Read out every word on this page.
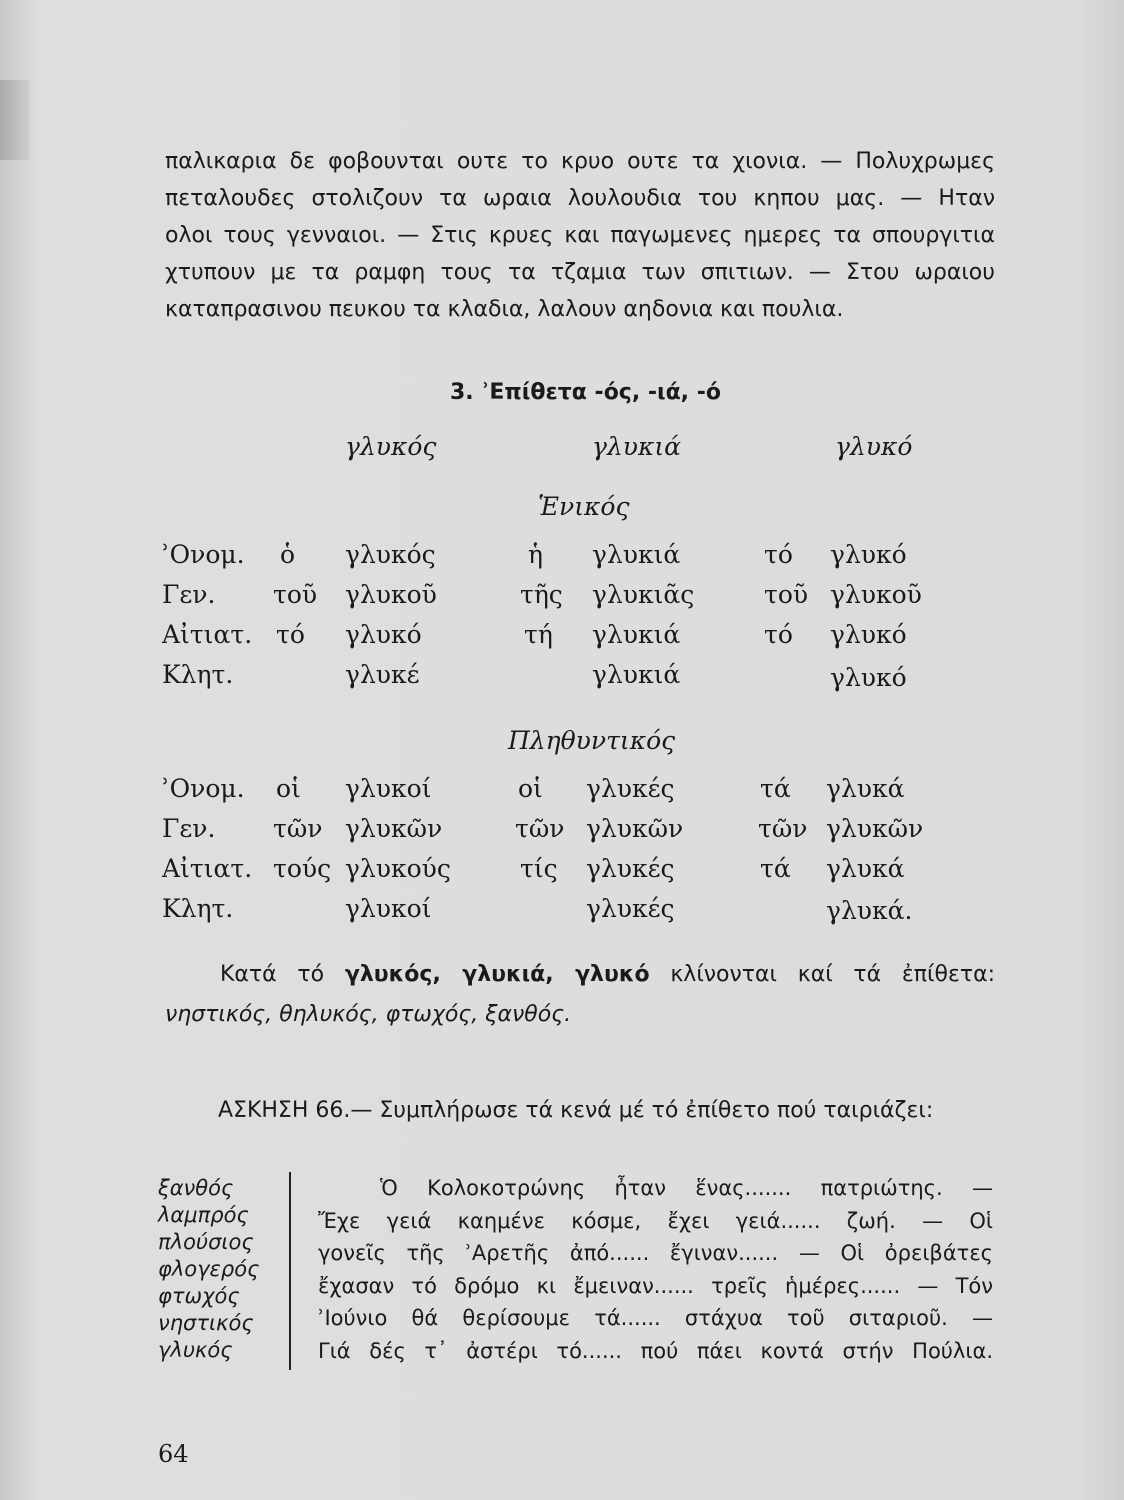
παλικαρια δε φοβουνται ουτε το κρυο ουτε τα χιονια. — Πολυχρωμες

πεταλουδες στολιζουν τα ωραια λουλουδια του κηπου μας. — Ηταν

ολοι τους γενναιοι. — Στις κρυες και παγωμενες ημερες τα σπουργιτια

χτυπουν με τα ραμφη τους τα τζαμια των σπιτιων. — Στου ωραιου

καταπρασινου πευκου τα κλαδια, λαλουν αηδονια και πουλια.

3. ʾΕπίθετα -ός, -ιά, -ό
γλυκός	γλυκιά	γλυκό
Ἑνικός
ʾΟνομ. ὁ γλυκός	ἡ γλυκιά	τό γλυκό
Γεν. τοῦ γλυκοῦ	τῆς γλυκιᾶς	τοῦ γλυκοῦ
Αἰτιατ. τό γλυκό	τή γλυκιά	τό γλυκό
Κλητ.	γλυκέ	γλυκιά	γλυκό
Πληθυντικός
ʾΟνομ. οἱ γλυκοί	οἱ γλυκές	τά γλυκά
Γεν. τῶν γλυκῶν	τῶν γλυκῶν	τῶν γλυκῶν
Αἰτιατ. τούς γλυκούς	τίς γλυκές	τά γλυκά
Κλητ.	γλυκοί	γλυκές	γλυκά.

Κατά τό γλυκός, γλυκιά, γλυκό κλίνονται καί τά ἐπίθετα:

νηστικός, θηλυκός, φτωχός, ξανθός.

ΑΣΚΗΣΗ 66.— Συμπλήρωσε τά κενά μέ τό ἐπίθετο πού ταιριάζει:
ξανθός
λαμπρός
πλούσιος
φλογερός
φτωχός
νηστικός
γλυκός

Ὁ Κολοκοτρώνης ἦταν ἕνας....... πατριώτης. —

Ἔχε γειά καημένε κόσμε, ἔχει γειά...... ζωή. — Οἱ

γονεῖς τῆς ʾΑρετῆς ἀπό...... ἔγιναν...... — Οἱ ὀρειβάτες

ἔχασαν τό δρόμο κι ἔμειναν...... τρεῖς ἡμέρες...... — Τόν

ʾΙούνιο θά θερίσουμε τά...... στάχυα τοῦ σιταριοῦ. —

Γιά δές τ᾽ ἀστέρι τό...... πού πάει κοντά στήν Πούλια.

64
